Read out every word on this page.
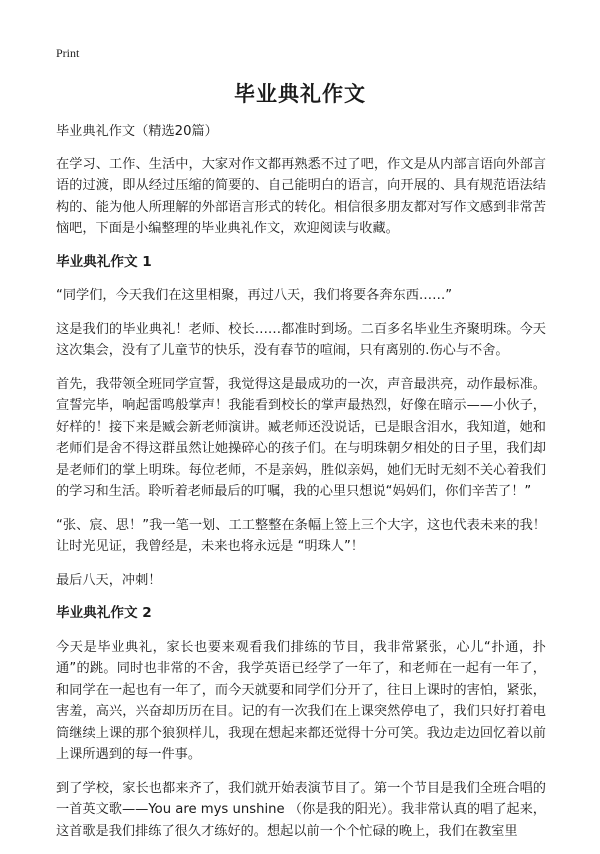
Print
毕业典礼作文

毕业典礼作文（精选20篇）

在学习、工作、生活中，大家对作文都再熟悉不过了吧，作文是从内部言语向外部言语的过渡，即从经过压缩的简要的、自己能明白的语言，向开展的、具有规范语法结构的、能为他人所理解的外部语言形式的转化。相信很多朋友都对写作文感到非常苦恼吧，下面是小编整理的毕业典礼作文，欢迎阅读与收藏。

毕业典礼作文 1

“同学们，今天我们在这里相聚，再过八天，我们将要各奔东西……”

这是我们的毕业典礼！老师、校长……都准时到场。二百多名毕业生齐聚明珠。今天这次集会，没有了儿童节的快乐，没有春节的喧闹，只有离别的.伤心与不舍。

首先，我带领全班同学宣誓，我觉得这是最成功的一次，声音最洪亮，动作最标准。宣誓完毕，响起雷鸣般掌声！我能看到校长的掌声最热烈，好像在暗示——小伙子，好样的！接下来是臧会新老师演讲。臧老师还没说话，已是眼含泪水，我知道，她和老师们是舍不得这群虽然让她操碎心的孩子们。在与明珠朝夕相处的日子里，我们却是老师们的掌上明珠。每位老师，不是亲妈，胜似亲妈，她们无时无刻不关心着我们的学习和生活。聆听着老师最后的叮嘱，我的心里只想说“妈妈们，你们辛苦了！”

“张、宸、思！”我一笔一划、工工整整在条幅上签上三个大字，这也代表未来的我！让时光见证，我曾经是，未来也将永远是 “明珠人”！

最后八天，冲刺！

毕业典礼作文 2

今天是毕业典礼，家长也要来观看我们排练的节目，我非常紧张，心儿“扑通，扑通”的跳。同时也非常的不舍，我学英语已经学了一年了，和老师在一起有一年了，和同学在一起也有一年了，而今天就要和同学们分开了，往日上课时的害怕，紧张，害羞，高兴，兴奋却历历在目。记的有一次我们在上课突然停电了，我们只好打着电筒继续上课的那个狼狈样儿，我现在想起来都还觉得十分可笑。我边走边回忆着以前上课所遇到的每一件事。

到了学校，家长也都来齐了，我们就开始表演节目了。第一个节目是我们全班合唱的一首英文歌——You are mys unshine （你是我的阳光）。我非常认真的唱了起来，这首歌是我们排练了很久才练好的。想起以前一个个忙碌的晚上，我们在教室里
